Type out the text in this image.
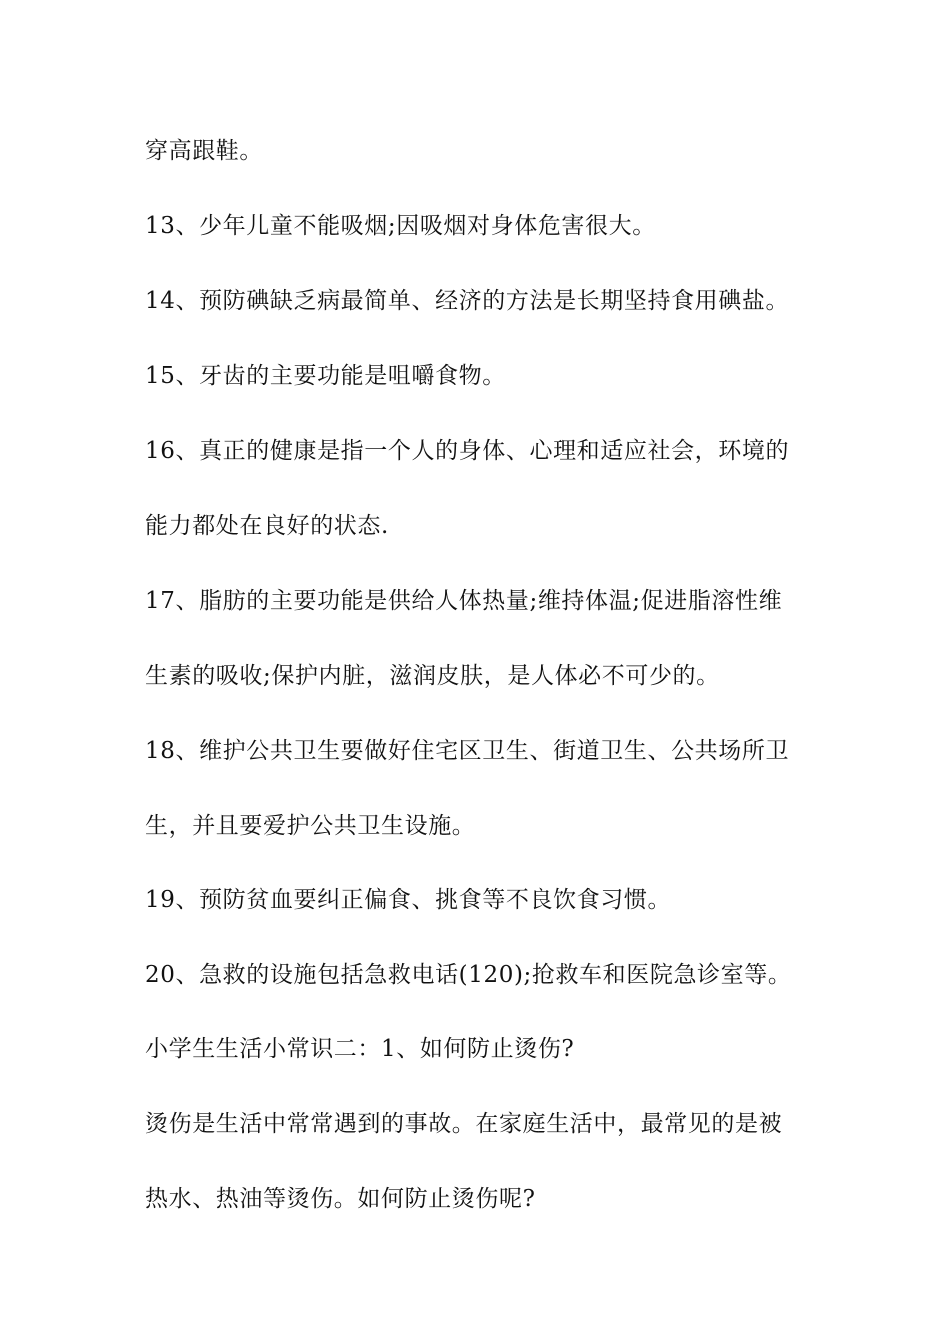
穿高跟鞋。
13、少年儿童不能吸烟;因吸烟对身体危害很大。
14、预防碘缺乏病最简单、经济的方法是长期坚持食用碘盐。
15、牙齿的主要功能是咀嚼食物。
16、真正的健康是指一个人的身体、心理和适应社会，环境的
能力都处在良好的状态.
17、脂肪的主要功能是供给人体热量;维持体温;促进脂溶性维
生素的吸收;保护内脏，滋润皮肤，是人体必不可少的。
18、维护公共卫生要做好住宅区卫生、街道卫生、公共场所卫
生，并且要爱护公共卫生设施。
19、预防贫血要纠正偏食、挑食等不良饮食习惯。
20、急救的设施包括急救电话(120);抢救车和医院急诊室等。
小学生生活小常识二：1、如何防止烫伤?
烫伤是生活中常常遇到的事故。在家庭生活中，最常见的是被
热水、热油等烫伤。如何防止烫伤呢?
